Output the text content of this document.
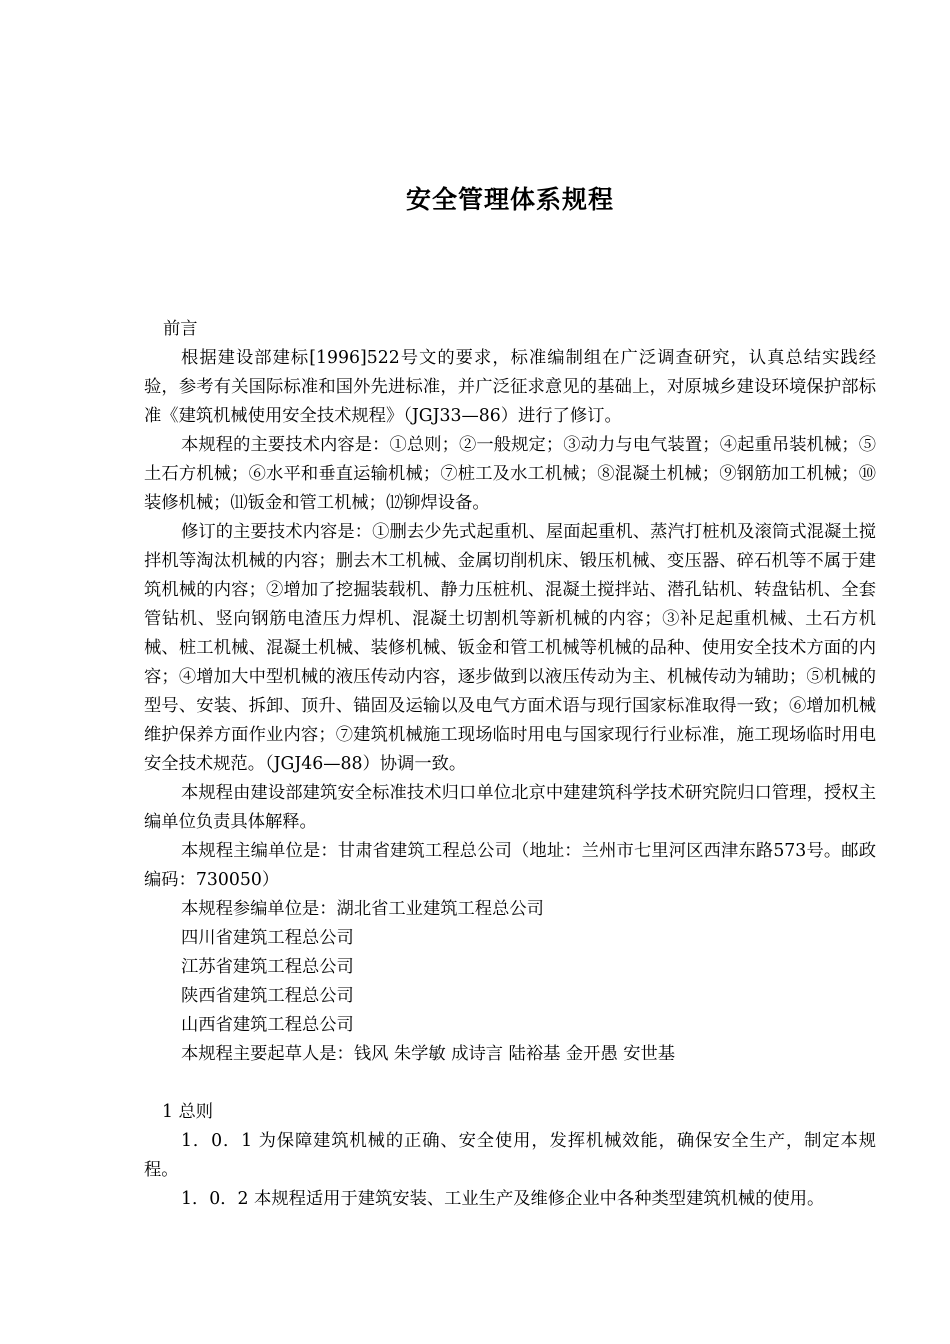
安全管理体系规程

前言

根据建设部建标[1996]522号文的要求，标准编制组在广泛调查研究，认真总结实践经验，参考有关国际标准和国外先进标准，并广泛征求意见的基础上，对原城乡建设环境保护部标准《建筑机械使用安全技术规程》（JGJ33—86）进行了修订。

本规程的主要技术内容是：①总则；②一般规定；③动力与电气装置；④起重吊装机械；⑤土石方机械；⑥水平和垂直运输机械；⑦桩工及水工机械；⑧混凝土机械；⑨钢筋加工机械；⑩装修机械；⑾钣金和管工机械；⑿铆焊设备。

修订的主要技术内容是：①删去少先式起重机、屋面起重机、蒸汽打桩机及滚筒式混凝土搅拌机等淘汰机械的内容；删去木工机械、金属切削机床、锻压机械、变压器、碎石机等不属于建筑机械的内容；②增加了挖掘装载机、静力压桩机、混凝土搅拌站、潜孔钻机、转盘钻机、全套管钻机、竖向钢筋电渣压力焊机、混凝土切割机等新机械的内容；③补足起重机械、土石方机械、桩工机械、混凝土机械、装修机械、钣金和管工机械等机械的品种、使用安全技术方面的内容；④增加大中型机械的液压传动内容，逐步做到以液压传动为主、机械传动为辅助；⑤机械的型号、安装、拆卸、顶升、锚固及运输以及电气方面术语与现行国家标准取得一致；⑥增加机械维护保养方面作业内容；⑦建筑机械施工现场临时用电与国家现行行业标准，施工现场临时用电安全技术规范。（JGJ46—88）协调一致。

本规程由建设部建筑安全标准技术归口单位北京中建建筑科学技术研究院归口管理，授权主编单位负责具体解释。

本规程主编单位是：甘肃省建筑工程总公司（地址：兰州市七里河区西津东路573号。邮政编码：730050）

本规程参编单位是：湖北省工业建筑工程总公司

四川省建筑工程总公司

江苏省建筑工程总公司

陕西省建筑工程总公司

山西省建筑工程总公司

本规程主要起草人是：钱风 朱学敏 成诗言 陆裕基 金开愚 安世基

1 总则

1．0．1 为保障建筑机械的正确、安全使用，发挥机械效能，确保安全生产，制定本规程。

1．0．2 本规程适用于建筑安装、工业生产及维修企业中各种类型建筑机械的使用。
